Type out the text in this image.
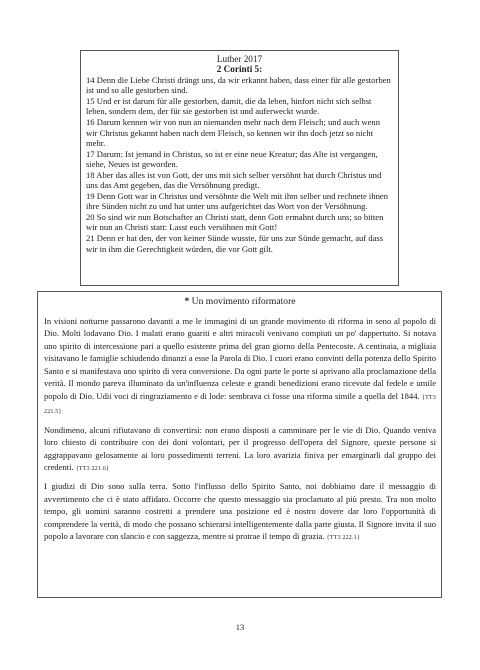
Luther 2017
2 Corinti 5:

14 Denn die Liebe Christi drängt uns, da wir erkannt haben, dass einer für alle gestorben ist und so alle gestorben sind.

15 Und er ist darum für alle gestorben, damit, die da leben, hinfort nicht sich selbst leben, sondern dem, der für sie gestorben ist und auferweckt wurde.

16 Darum kennen wir von nun an niemanden mehr nach dem Fleisch; und auch wenn wir Christus gekannt haben nach dem Fleisch, so kennen wir ihn doch jetzt so nicht mehr.

17 Darum: Ist jemand in Christus, so ist er eine neue Kreatur; das Alte ist vergangen, siehe, Neues ist geworden.

18 Aber das alles ist von Gott, der uns mit sich selber versöhnt hat durch Christus und uns das Amt gegeben, das die Versöhnung predigt.

19 Denn Gott war in Christus und versöhnte die Welt mit ihm selber und rechnete ihnen ihre Sünden nicht zu und hat unter uns aufgerichtet das Wort von der Versöhnung.

20 So sind wir nun Botschafter an Christi statt, denn Gott ermahnt durch uns; so bitten wir nun an Christi statt: Lasst euch versöhnen mit Gott!

21 Denn er hat den, der von keiner Sünde wusste, für uns zur Sünde gemacht, auf dass wir in ihm die Gerechtigkeit würden, die vor Gott gilt.

* Un movimento riformatore

In visioni notturne passarono davanti a me le immagini di un grande movimento di riforma in seno al popolo di Dio. Molti lodavano Dio. I malati erano guariti e altri miracoli venivano compiuti un po' dappertutto. Si notava uno spirito di intercessione pari a quello esistente prima del gran giorno della Pentecoste. A centinaia, a migliaia visitavano le famiglie schiudendo dinanzi a esse la Parola di Dio. I cuori erano convinti della potenza dello Spirito Santo e si manifestava uno spirito di vera conversione. Da ogni parte le porte si aprivano alla proclamazione della verità. Il mondo pareva illuminato da un'influenza celeste e grandi benedizioni erano ricevute dal fedele e umile popolo di Dio. Udii voci di ringraziamento e di lode: sembrava ci fosse una riforma simile a quella del 1844. {TT3 221.5}

Nondimeno, alcuni rifiutavano di convertirsi: non erano disposti a camminare per le vie di Dio. Quando veniva loro chiesto di contribuire con dei doni volontari, per il progresso dell'opera del Signore, queste persone si aggrappavano gelosamente ai loro possedimenti terreni. La loro avarizia finiva per emarginarli dal gruppo dei credenti. {TT3 221.6}

I giudizi di Dio sono sulla terra. Sotto l'influsso dello Spirito Santo, noi dobbiamo dare il messaggio di avvertimento che ci è stato affidato. Occorre che questo messaggio sia proclamato al più presto. Tra non molto tempo, gli uomini saranno costretti a prendere una posizione ed è nostro dovere dar loro l'opportunità di comprendere la verità, di modo che possano schierarsi intelligentemente dalla parte giusta. Il Signore invita il suo popolo a lavorare con slancio e con saggezza, mentre si protrae il tempo di grazia. {TT3 222.1}

13
